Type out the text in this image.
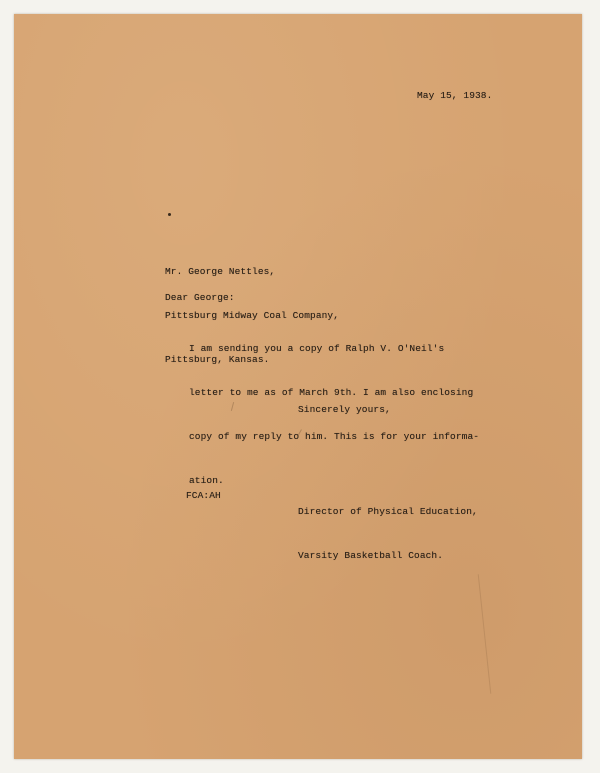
May 15, 1938.

Mr. George Nettles,

Pittsburg Midway Coal Company,

Pittsburg, Kansas.

Dear George:

I am sending you a copy of Ralph V. O'Neil's

letter to me as of March 9th. I am also enclosing

copy of my reply to him. This is for your informa-

ation.

Sincerely yours,

Director of Physical Education,

Varsity Basketball Coach.

FCA:AH
